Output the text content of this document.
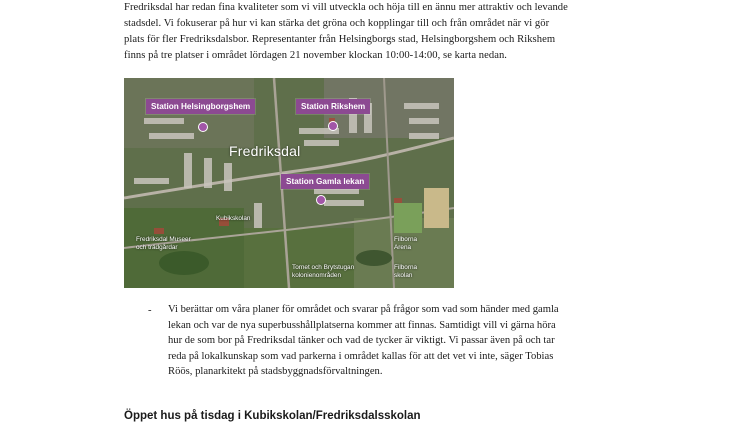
Fredriksdal har redan fina kvaliteter som vi vill utveckla och höja till en ännu mer attraktiv och levande
stadsdel. Vi fokuserar på hur vi kan stärka det gröna och kopplingar till och från området när vi gör
plats för fler Fredriksdalsbor. Representanter från Helsingborgs stad, Helsingborgshem och Rikshem
finns på tre platser i området lördagen 21 november klockan 10:00-14:00, se karta nedan.
Station Helsingborgshem	Station Rikshem
Fredriksdal
Station Gamla lekan
Kubikskolan
Fredriksdal Museer
och trädgårdar
Tornet och Brytstugan
kolonienområden
Filborna
Arena
Filborna
skolan
- Vi berättar om våra planer för området och svarar på frågor som vad som händer med gamla
lekan och var de nya superbusshållplatserna kommer att finnas. Samtidigt vill vi gärna höra
hur de som bor på Fredriksdal tänker och vad de tycker är viktigt. Vi passar även på och tar
reda på lokalkunskap som vad parkerna i området kallas för att det vet vi inte, säger Tobias
Röös, planarkitekt på stadsbyggnadsförvaltningen.
Öppet hus på tisdag i Kubikskolan/Fredriksdalsskolan
